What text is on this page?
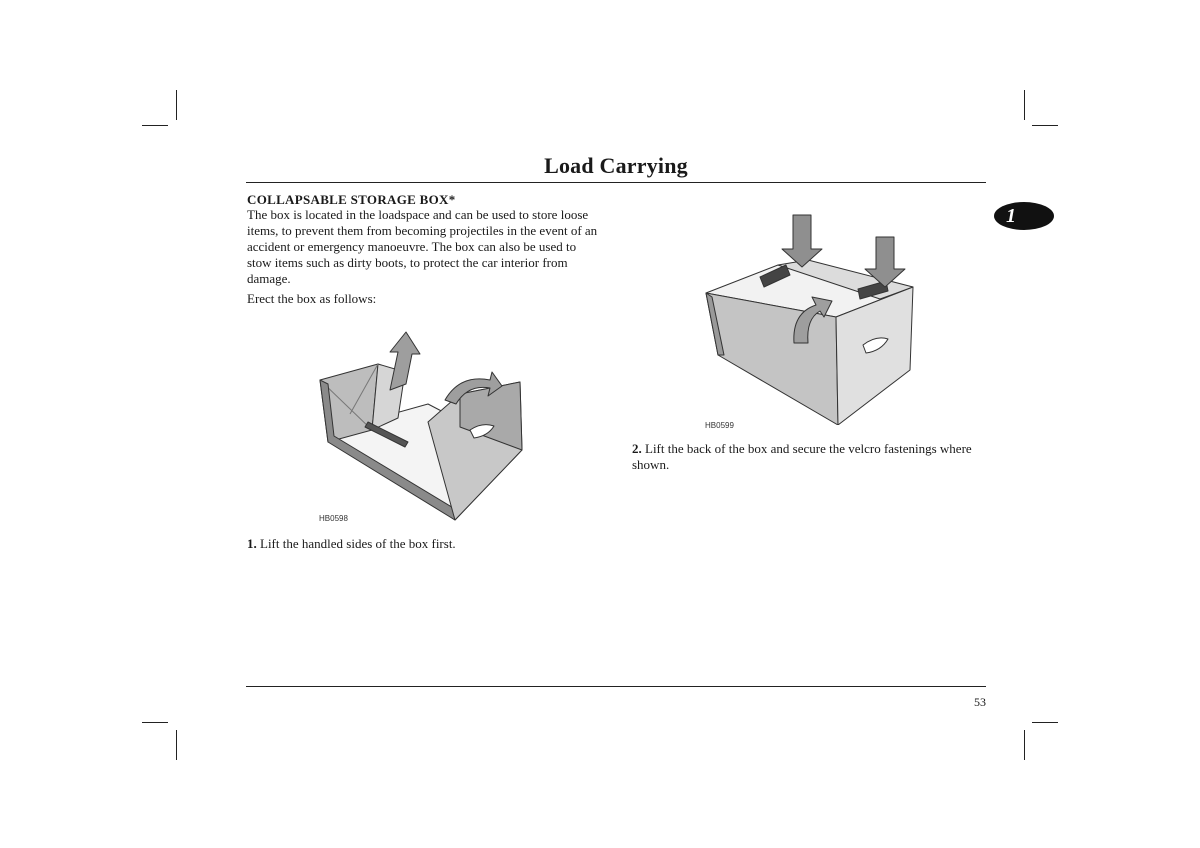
Load Carrying
1
COLLAPSABLE STORAGE BOX*
The box is located in the loadspace and can be used to store loose items, to prevent them from becoming projectiles in the event of an accident or emergency manoeuvre. The box can also be used to stow items such as dirty boots, to protect the car interior from damage.
Erect the box as follows:
HB0598
1. Lift the handled sides of the box first.
HB0599
2. Lift the back of the box and secure the velcro fastenings where shown.
53
